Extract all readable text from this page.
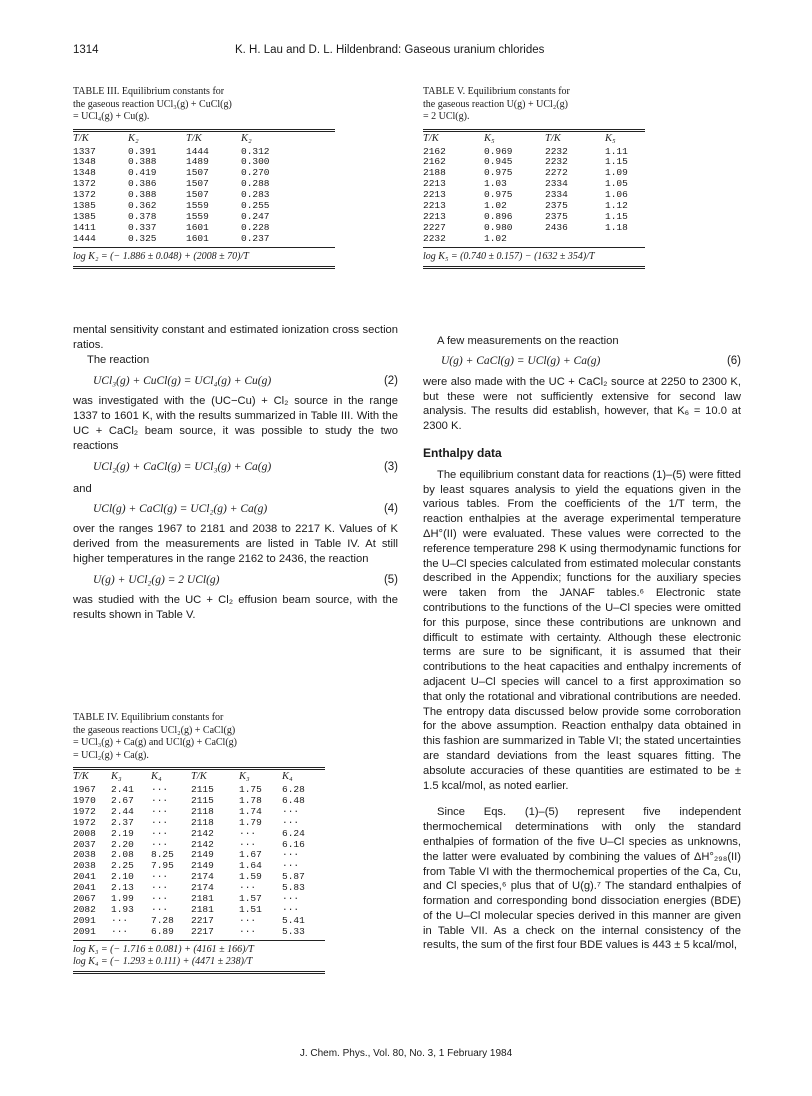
1314	K. H. Lau and D. L. Hildenbrand: Gaseous uranium chlorides
TABLE III. Equilibrium constants for
the gaseous reaction UCl₃(g) + CuCl(g)
= UCl₄(g) + Cu(g).
T/K	K₂	T/K	K₂
1337	0.391	1444	0.312
1348	0.388	1489	0.300
1348	0.419	1507	0.270
1372	0.386	1507	0.288
1372	0.388	1507	0.283
1385	0.362	1559	0.255
1385	0.378	1559	0.247
1411	0.337	1601	0.228
1444	0.325	1601	0.237
log K₂ = (− 1.886 ± 0.048) + (2008 ± 70)/T
TABLE V. Equilibrium constants for
the gaseous reaction U(g) + UCl₂(g)
= 2 UCl(g).
T/K	K₅	T/K	K₅
2162	0.969	2232	1.11
2162	0.945	2232	1.15
2188	0.975	2272	1.09
2213	1.03	2334	1.05
2213	0.975	2334	1.06
2213	1.02	2375	1.12
2213	0.896	2375	1.15
2227	0.980	2436	1.18
2232	1.02		
log K₅ = (0.740 ± 0.157) − (1632 ± 354)/T

mental sensitivity constant and estimated ionization cross section ratios.

The reaction

UCl₃(g) + CuCl(g) = UCl₄(g) + Cu(g)	(2)

was investigated with the (UC−Cu) + Cl₂ source in the range 1337 to 1601 K, with the results summarized in Table III. With the UC + CaCl₂ beam source, it was possible to study the two reactions

UCl₂(g) + CaCl(g) = UCl₃(g) + Ca(g)	(3)

and

UCl(g) + CaCl(g) = UCl₂(g) + Ca(g)	(4)

over the ranges 1967 to 2181 and 2038 to 2217 K. Values of K derived from the measurements are listed in Table IV. At still higher temperatures in the range 2162 to 2436, the reaction

U(g) + UCl₂(g) = 2 UCl(g)	(5)

was studied with the UC + Cl₂ effusion beam source, with the results shown in Table V.

TABLE IV. Equilibrium constants for
the gaseous reactions UCl₂(g) + CaCl(g)
= UCl₃(g) + Ca(g) and UCl(g) + CaCl(g)
= UCl₂(g) + Ca(g).
T/K	K₃	K₄	T/K	K₃	K₄
1967	2.41	···	2115	1.75	6.28
1970	2.67	···	2115	1.78	6.48
1972	2.44	···	2118	1.74	···
1972	2.37	···	2118	1.79	···
2008	2.19	···	2142	···	6.24
2037	2.20	···	2142	···	6.16
2038	2.08	8.25	2149	1.67	···
2038	2.25	7.95	2149	1.64	···
2041	2.10	···	2174	1.59	5.87
2041	2.13	···	2174	···	5.83
2067	1.99	···	2181	1.57	···
2082	1.93	···	2181	1.51	···
2091	···	7.28	2217	···	5.41
2091	···	6.89	2217	···	5.33
log K₃ = (− 1.716 ± 0.081) + (4161 ± 166)/T
log K₄ = (− 1.293 ± 0.111) + (4471 ± 238)/T

A few measurements on the reaction

U(g) + CaCl(g) = UCl(g) + Ca(g)	(6)

were also made with the UC + CaCl₂ source at 2250 to 2300 K, but these were not sufficiently extensive for second law analysis. The results did establish, however, that K₆ = 10.0 at 2300 K.

Enthalpy data

The equilibrium constant data for reactions (1)–(5) were fitted by least squares analysis to yield the equations given in the various tables. From the coefficients of the 1/T term, the reaction enthalpies at the average experimental temperature ΔH°(II) were evaluated. These values were corrected to the reference temperature 298 K using thermodynamic functions for the U–Cl species calculated from estimated molecular constants described in the Appendix; functions for the auxiliary species were taken from the JANAF tables.⁶ Electronic state contributions to the functions of the U–Cl species were omitted for this purpose, since these contributions are unknown and difficult to estimate with certainty. Although these electronic terms are sure to be significant, it is assumed that their contributions to the heat capacities and enthalpy increments of adjacent U–Cl species will cancel to a first approximation so that only the rotational and vibrational contributions are needed. The entropy data discussed below provide some corroboration for the above assumption. Reaction enthalpy data obtained in this fashion are summarized in Table VI; the stated uncertainties are standard deviations from the least squares fitting. The absolute accuracies of these quantities are estimated to be ± 1.5 kcal/mol, as noted earlier.

Since Eqs. (1)–(5) represent five independent thermochemical determinations with only the standard enthalpies of formation of the five U–Cl species as unknowns, the latter were evaluated by combining the values of ΔH°₂₉₈(II) from Table VI with the thermochemical properties of the Ca, Cu, and Cl species,⁶ plus that of U(g).⁷ The standard enthalpies of formation and corresponding bond dissociation energies (BDE) of the U–Cl molecular species derived in this manner are given in Table VII. As a check on the internal consistency of the results, the sum of the first four BDE values is 443 ± 5 kcal/mol,

J. Chem. Phys., Vol. 80, No. 3, 1 February 1984
